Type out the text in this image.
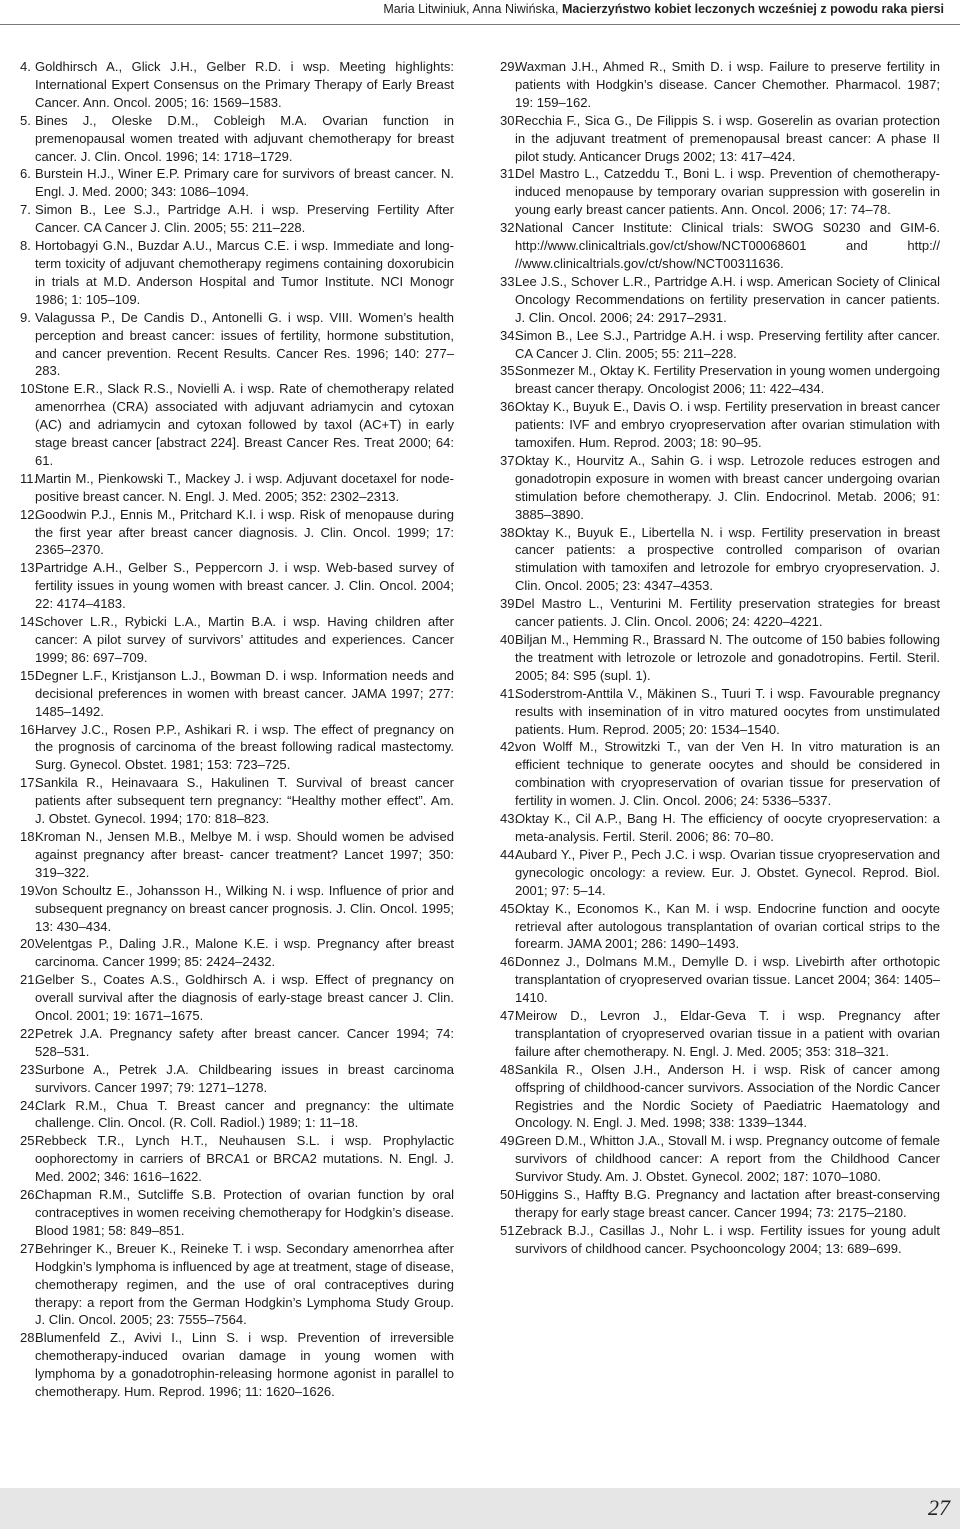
Maria Litwiniuk, Anna Niwińska, Macierzyństwo kobiet leczonych wcześniej z powodu raka piersi

4. Goldhirsch A., Glick J.H., Gelber R.D. i wsp. Meeting highlights: International Expert Consensus on the Primary Therapy of Early Breast Cancer. Ann. Oncol. 2005; 16: 1569–1583.

5. Bines J., Oleske D.M., Cobleigh M.A. Ovarian function in premenopausal women treated with adjuvant chemotherapy for breast cancer. J. Clin. Oncol. 1996; 14: 1718–1729.

6. Burstein H.J., Winer E.P. Primary care for survivors of breast cancer. N. Engl. J. Med. 2000; 343: 1086–1094.

7. Simon B., Lee S.J., Partridge A.H. i wsp. Preserving Fertility After Cancer. CA Cancer J. Clin. 2005; 55: 211–228.

8. Hortobagyi G.N., Buzdar A.U., Marcus C.E. i wsp. Immediate and long-term toxicity of adjuvant chemotherapy regimens containing doxorubicin in trials at M.D. Anderson Hospital and Tumor Institute. NCI Monogr 1986; 1: 105–109.

9. Valagussa P., De Candis D., Antonelli G. i wsp. VIII. Women’s health perception and breast cancer: issues of fertility, hormone substitution, and cancer prevention. Recent Results. Cancer Res. 1996; 140: 277–283.

10.
Stone E.R., Slack R.S., Novielli A. i wsp. Rate of chemotherapy related amenorrhea (CRA) associated with adjuvant adriamycin and cytoxan (AC) and adriamycin and cytoxan followed by taxol (AC+T) in early stage breast cancer [abstract 224]. Breast Cancer Res. Treat 2000; 64: 61.

11.
Martin M., Pienkowski T., Mackey J. i wsp. Adjuvant docetaxel for node-positive breast cancer. N. Engl. J. Med. 2005; 352: 2302–2313.

12.
Goodwin P.J., Ennis M., Pritchard K.I. i wsp. Risk of menopause during the first year after breast cancer diagnosis. J. Clin. Oncol. 1999; 17: 2365–2370.

13.
Partridge A.H., Gelber S., Peppercorn J. i wsp. Web-based survey of fertility issues in young women with breast cancer. J. Clin. Oncol. 2004; 22: 4174–4183.

14.
Schover L.R., Rybicki L.A., Martin B.A. i wsp. Having children after cancer: A pilot survey of survivors’ attitudes and experiences. Cancer 1999; 86: 697–709.

15.
Degner L.F., Kristjanson L.J., Bowman D. i wsp. Information needs and decisional preferences in women with breast cancer. JAMA 1997; 277: 1485–1492.

16.
Harvey J.C., Rosen P.P., Ashikari R. i wsp. The effect of pregnancy on the prognosis of carcinoma of the breast following radical mastectomy. Surg. Gynecol. Obstet. 1981; 153: 723–725.

17.
Sankila R., Heinavaara S., Hakulinen T. Survival of breast cancer patients after subsequent tern pregnancy: “Healthy mother effect”. Am. J. Obstet. Gynecol. 1994; 170: 818–823.

18.
Kroman N., Jensen M.B., Melbye M. i wsp. Should women be advised against pregnancy after breast- cancer treatment? Lancet 1997; 350: 319–322.

19.
Von Schoultz E., Johansson H., Wilking N. i wsp. Influence of prior and subsequent pregnancy on breast cancer prognosis. J. Clin. Oncol. 1995; 13: 430–434.

20.
Velentgas P., Daling J.R., Malone K.E. i wsp. Pregnancy after breast carcinoma. Cancer 1999; 85: 2424–2432.

21.
Gelber S., Coates A.S., Goldhirsch A. i wsp. Effect of pregnancy on overall survival after the diagnosis of early-stage breast cancer J. Clin. Oncol. 2001; 19: 1671–1675.

22.
Petrek J.A. Pregnancy safety after breast cancer. Cancer 1994; 74: 528–531.

23.
Surbone A., Petrek J.A. Childbearing issues in breast carcinoma survivors. Cancer 1997; 79: 1271–1278.

24.
Clark R.M., Chua T. Breast cancer and pregnancy: the ultimate challenge. Clin. Oncol. (R. Coll. Radiol.) 1989; 1: 11–18.

25.
Rebbeck T.R., Lynch H.T., Neuhausen S.L. i wsp. Prophylactic oophorectomy in carriers of BRCA1 or BRCA2 mutations. N. Engl. J. Med. 2002; 346: 1616–1622.

26.
Chapman R.M., Sutcliffe S.B. Protection of ovarian function by oral contraceptives in women receiving chemotherapy for Hodgkin’s disease. Blood 1981; 58: 849–851.

27.
Behringer K., Breuer K., Reineke T. i wsp. Secondary amenorrhea after Hodgkin’s lymphoma is influenced by age at treatment, stage of disease, chemotherapy regimen, and the use of oral contraceptives during therapy: a report from the German Hodgkin’s Lymphoma Study Group. J. Clin. Oncol. 2005; 23: 7555–7564.

28.
Blumenfeld Z., Avivi I., Linn S. i wsp. Prevention of irreversible chemotherapy-induced ovarian damage in young women with lymphoma by a gonadotrophin-releasing hormone agonist in parallel to chemotherapy. Hum. Reprod. 1996; 11: 1620–1626.

29.
Waxman J.H., Ahmed R., Smith D. i wsp. Failure to preserve fertility in patients with Hodgkin’s disease. Cancer Chemother. Pharmacol. 1987; 19: 159–162.

30.
Recchia F., Sica G., De Filippis S. i wsp. Goserelin as ovarian protection in the adjuvant treatment of premenopausal breast cancer: A phase II pilot study. Anticancer Drugs 2002; 13: 417–424.

31.
Del Mastro L., Catzeddu T., Boni L. i wsp. Prevention of chemotherapy-induced menopause by temporary ovarian suppression with goserelin in young early breast cancer patients. Ann. Oncol. 2006; 17: 74–78.

32.
National Cancer Institute: Clinical trials: SWOG S0230 and GIM-6. http://www.clinicaltrials.gov/ct/show/NCT00068601 and http:// //www.clinicaltrials.gov/ct/show/NCT00311636.

33.
Lee J.S., Schover L.R., Partridge A.H. i wsp. American Society of Clinical Oncology Recommendations on fertility preservation in cancer patients. J. Clin. Oncol. 2006; 24: 2917–2931.

34.
Simon B., Lee S.J., Partridge A.H. i wsp. Preserving fertility after cancer. CA Cancer J. Clin. 2005; 55: 211–228.

35.
Sonmezer M., Oktay K. Fertility Preservation in young women undergoing breast cancer therapy. Oncologist 2006; 11: 422–434.

36.
Oktay K., Buyuk E., Davis O. i wsp. Fertility preservation in breast cancer patients: IVF and embryo cryopreservation after ovarian stimulation with tamoxifen. Hum. Reprod. 2003; 18: 90–95.

37.
Oktay K., Hourvitz A., Sahin G. i wsp. Letrozole reduces estrogen and gonadotropin exposure in women with breast cancer undergoing ovarian stimulation before chemotherapy. J. Clin. Endocrinol. Metab. 2006; 91: 3885–3890.

38.
Oktay K., Buyuk E., Libertella N. i wsp. Fertility preservation in breast cancer patients: a prospective controlled comparison of ovarian stimulation with tamoxifen and letrozole for embryo cryopreservation. J. Clin. Oncol. 2005; 23: 4347–4353.

39.
Del Mastro L., Venturini M. Fertility preservation strategies for breast cancer patients. J. Clin. Oncol. 2006; 24: 4220–4221.

40.
Biljan M., Hemming R., Brassard N. The outcome of 150 babies following the treatment with letrozole or letrozole and gonadotropins. Fertil. Steril. 2005; 84: S95 (supl. 1).

41.
Soderstrom-Anttila V., Mäkinen S., Tuuri T. i wsp. Favourable pregnancy results with insemination of in vitro matured oocytes from unstimulated patients. Hum. Reprod. 2005; 20: 1534–1540.

42.
von Wolff M., Strowitzki T., van der Ven H. In vitro maturation is an efficient technique to generate oocytes and should be considered in combination with cryopreservation of ovarian tissue for preservation of fertility in women. J. Clin. Oncol. 2006; 24: 5336–5337.

43.
Oktay K., Cil A.P., Bang H. The efficiency of oocyte cryopreservation: a meta-analysis. Fertil. Steril. 2006; 86: 70–80.

44.
Aubard Y., Piver P., Pech J.C. i wsp. Ovarian tissue cryopreservation and gynecologic oncology: a review. Eur. J. Obstet. Gynecol. Reprod. Biol. 2001; 97: 5–14.

45.
Oktay K., Economos K., Kan M. i wsp. Endocrine function and oocyte retrieval after autologous transplantation of ovarian cortical strips to the forearm. JAMA 2001; 286: 1490–1493.

46.
Donnez J., Dolmans M.M., Demylle D. i wsp. Livebirth after orthotopic transplantation of cryopreserved ovarian tissue. Lancet 2004; 364: 1405–1410.

47.
Meirow D., Levron J., Eldar-Geva T. i wsp. Pregnancy after transplantation of cryopreserved ovarian tissue in a patient with ovarian failure after chemotherapy. N. Engl. J. Med. 2005; 353: 318–321.

48.
Sankila R., Olsen J.H., Anderson H. i wsp. Risk of cancer among offspring of childhood-cancer survivors. Association of the Nordic Cancer Registries and the Nordic Society of Paediatric Haematology and Oncology. N. Engl. J. Med. 1998; 338: 1339–1344.

49.
Green D.M., Whitton J.A., Stovall M. i wsp. Pregnancy outcome of female survivors of childhood cancer: A report from the Childhood Cancer Survivor Study. Am. J. Obstet. Gynecol. 2002; 187: 1070–1080.

50.
Higgins S., Haffty B.G. Pregnancy and lactation after breast-conserving therapy for early stage breast cancer. Cancer 1994; 73: 2175–2180.

51.
Zebrack B.J., Casillas J., Nohr L. i wsp. Fertility issues for young adult survivors of childhood cancer. Psychooncology 2004; 13: 689–699.

27
